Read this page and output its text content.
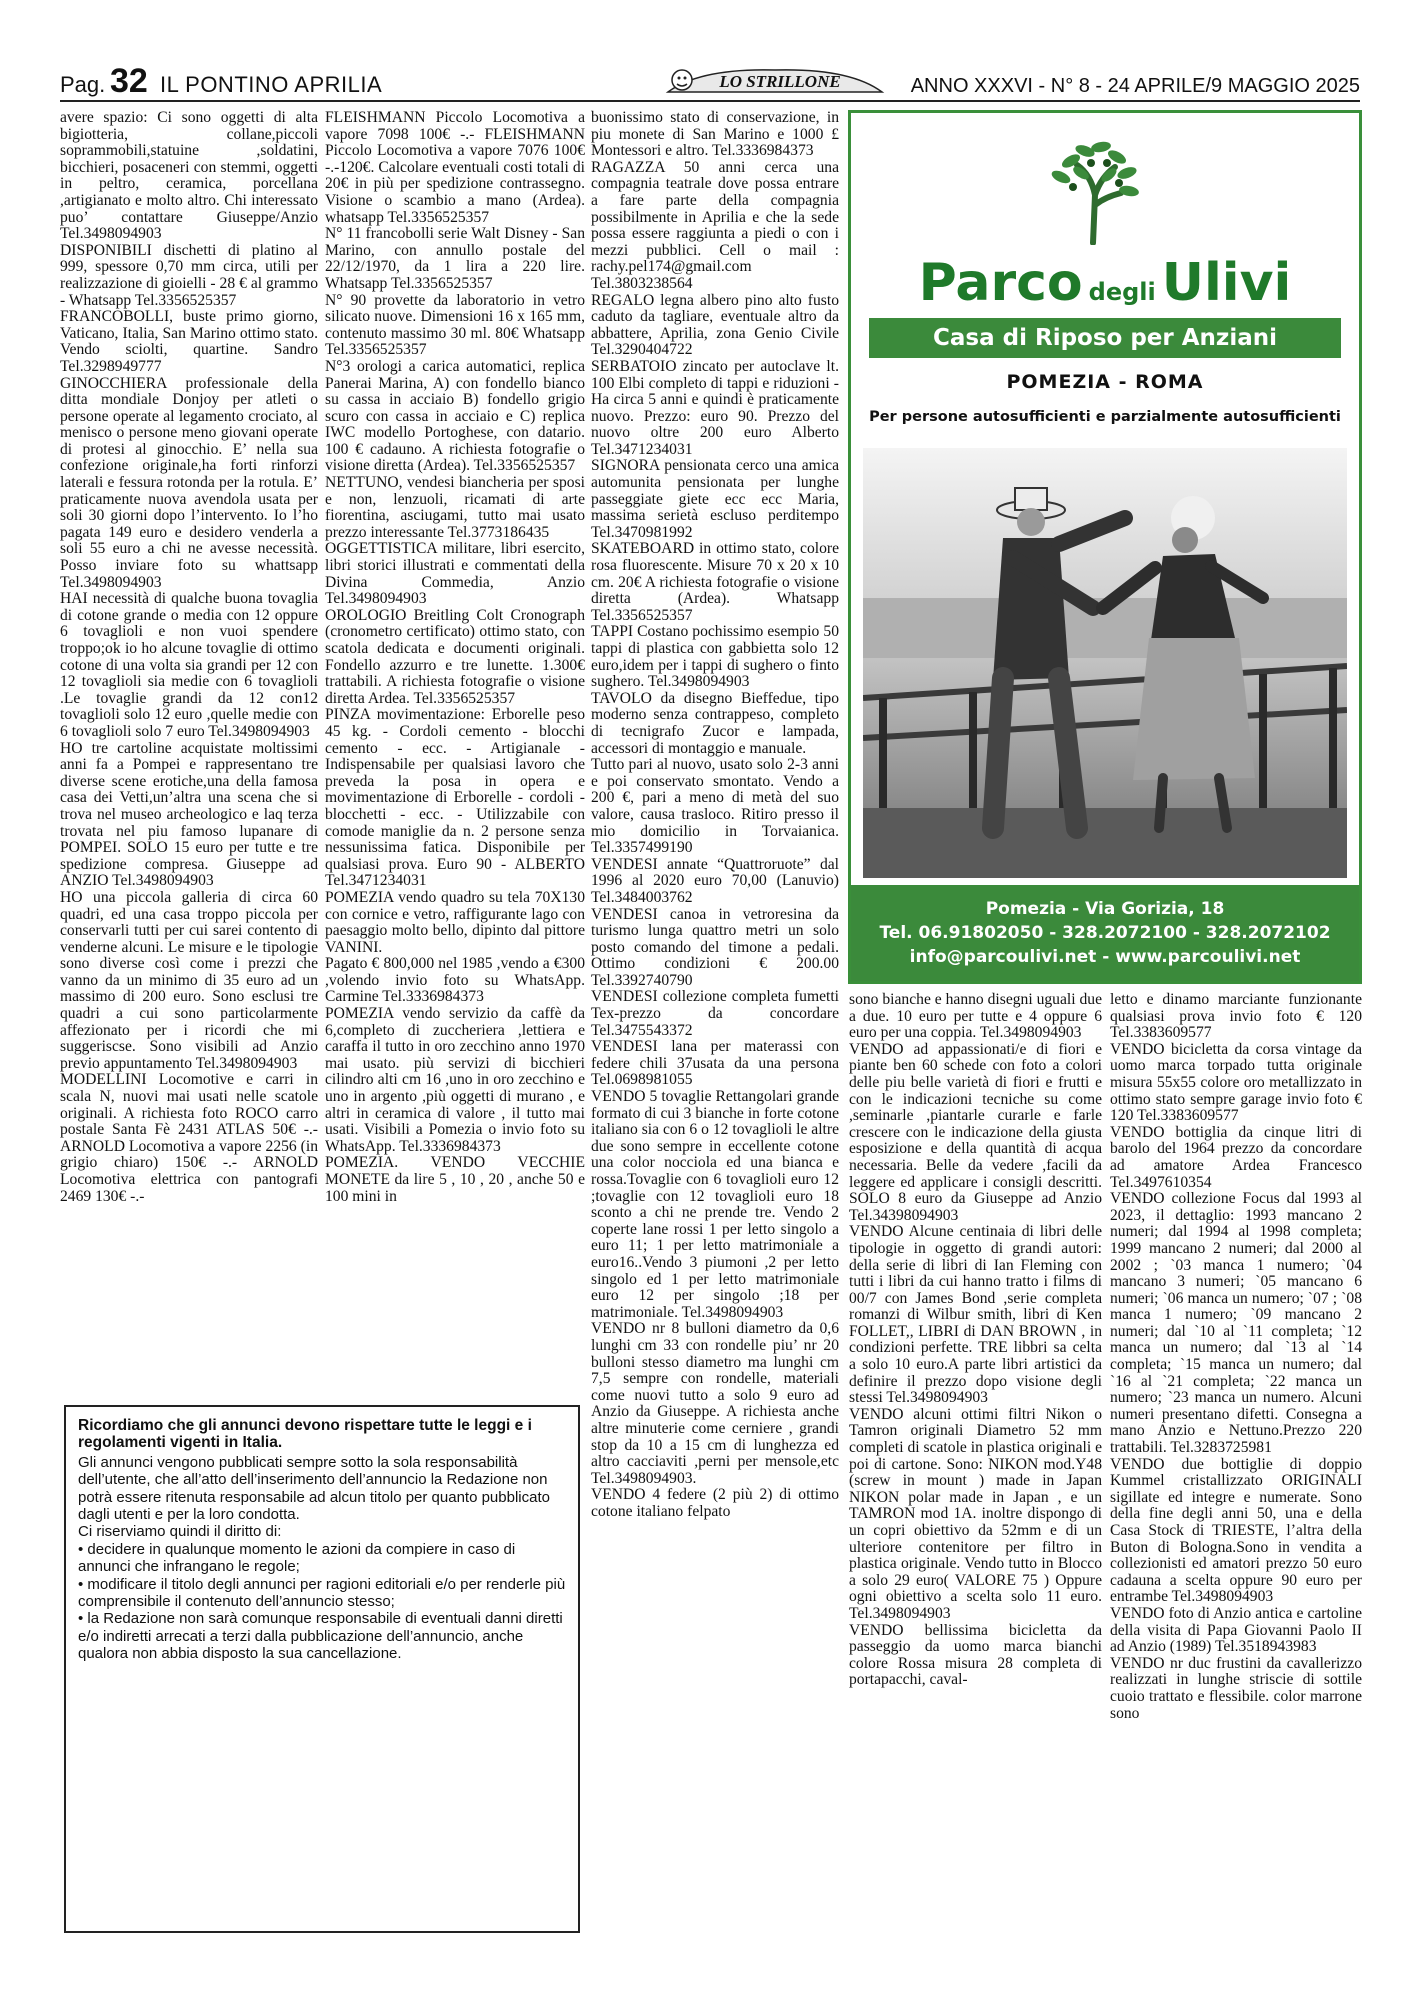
Pag. 32 IL PONTINO APRILIA	LO STRILLONE	ANNO XXXVI - N° 8 - 24 APRILE/9 MAGGIO 2025

avere spazio: Ci sono oggetti di alta bigiotteria, collane,piccoli soprammobili,statuine ,soldatini, bicchieri, posaceneri con stemmi, oggetti in peltro, ceramica, porcellana ,artigianato e molto altro. Chi interessato puo’ contattare Giuseppe/Anzio Tel.3498094903

DISPONIBILI dischetti di platino al 999, spessore 0,70 mm circa, utili per realizzazione di gioielli - 28 € al grammo - Whatsapp Tel.3356525357

FRANCOBOLLI, buste primo giorno, Vaticano, Italia, San Marino ottimo stato. Vendo sciolti, quartine. Sandro Tel.3298949777

GINOCCHIERA professionale della ditta mondiale Donjoy per atleti o persone operate al legamento crociato, al menisco o persone meno giovani operate di protesi al ginocchio. E’ nella sua confezione originale,ha forti rinforzi laterali e fessura rotonda per la rotula. E’ praticamente nuova avendola usata per soli 30 giorni dopo l’intervento. Io l’ho pagata 149 euro e desidero venderla a soli 55 euro a chi ne avesse necessità. Posso inviare foto su whattsapp Tel.3498094903

HAI necessità di qualche buona tovaglia di cotone grande o media con 12 oppure 6 tovaglioli e non vuoi spendere troppo;ok io ho alcune tovaglie di ottimo cotone di una volta sia grandi per 12 con 12 tovaglioli sia medie con 6 tovaglioli .Le tovaglie grandi da 12 con12 tovaglioli solo 12 euro ,quelle medie con 6 tovaglioli solo 7 euro Tel.3498094903

HO tre cartoline acquistate moltissimi anni fa a Pompei e rappresentano tre diverse scene erotiche,una della famosa casa dei Vetti,un’altra una scena che si trova nel museo archeologico e laq terza trovata nel piu famoso lupanare di POMPEI. SOLO 15 euro per tutte e tre spedizione compresa. Giuseppe ad ANZIO Tel.3498094903

HO una piccola galleria di circa 60 quadri, ed una casa troppo piccola per conservarli tutti per cui sarei contento di venderne alcuni. Le misure e le tipologie sono diverse così come i prezzi che vanno da un minimo di 35 euro ad un massimo di 200 euro. Sono esclusi tre quadri a cui sono particolarmente affezionato per i ricordi che mi suggeriscse. Sono visibili ad Anzio previo appuntamento Tel.3498094903

MODELLINI Locomotive e carri in scala N, nuovi mai usati nelle scatole originali. A richiesta foto ROCO carro postale Santa Fè 2431 ATLAS 50€ -.- ARNOLD Locomotiva a vapore 2256 (in grigio chiaro) 150€ -.- ARNOLD Locomotiva elettrica con pantografi 2469 130€ -.-

FLEISHMANN Piccolo Locomotiva a vapore 7098 100€ -.- FLEISHMANN Piccolo Locomotiva a vapore 7076 100€ -.-120€. Calcolare eventuali costi totali di 20€ in più per spedizione contrassegno. Visione o scambio a mano (Ardea). whatsapp Tel.3356525357

N° 11 francobolli serie Walt Disney - San Marino, con annullo postale del 22/12/1970, da 1 lira a 220 lire. Whatsapp Tel.3356525357

N° 90 provette da laboratorio in vetro silicato nuove. Dimensioni 16 x 165 mm, contenuto massimo 30 ml. 80€ Whatsapp Tel.3356525357

N°3 orologi a carica automatici, replica Panerai Marina, A) con fondello bianco su cassa in acciaio B) fondello grigio scuro con cassa in acciaio e C) replica IWC modello Portoghese, con datario. 100 € cadauno. A richiesta fotografie o visione diretta (Ardea). Tel.3356525357

NETTUNO, vendesi biancheria per sposi e non, lenzuoli, ricamati di arte fiorentina, asciugami, tutto mai usato prezzo interessante Tel.3773186435

OGGETTISTICA militare, libri esercito, libri storici illustrati e commentati della Divina Commedia, Anzio Tel.3498094903

OROLOGIO Breitling Colt Cronograph (cronometro certificato) ottimo stato, con scatola dedicata e documenti originali. Fondello azzurro e tre lunette. 1.300€ trattabili. A richiesta fotografie o visione diretta Ardea. Tel.3356525357

PINZA movimentazione: Erborelle peso 45 kg. - Cordoli cemento - blocchi cemento - ecc. - Artigianale - Indispensabile per qualsiasi lavoro che preveda la posa in opera e movimentazione di Erborelle - cordoli -blocchetti - ecc. - Utilizzabile con comode maniglie da n. 2 persone senza nessunissima fatica. Disponibile per qualsiasi prova. Euro 90 - ALBERTO Tel.3471234031

POMEZIA vendo quadro su tela 70X130 con cornice e vetro, raffigurante lago con paesaggio molto bello, dipinto dal pittore VANINI.

Pagato € 800,000 nel 1985 ,vendo a €300 ,volendo invio foto su WhatsApp. Carmine Tel.3336984373

POMEZIA vendo servizio da caffè da 6,completo di zuccheriera ,lettiera e caraffa il tutto in oro zecchino anno 1970 mai usato. più servizi di bicchieri cilindro alti cm 16 ,uno in oro zecchino e uno in argento ,più oggetti di murano , e altri in ceramica di valore , il tutto mai usati. Visibili a Pomezia o invio foto su WhatsApp. Tel.3336984373

POMEZIA. VENDO VECCHIE MONETE da lire 5 , 10 , 20 , anche 50 e 100 mini in

buonissimo stato di conservazione, in piu monete di San Marino e 1000 £ Montessori e altro. Tel.3336984373

RAGAZZA 50 anni cerca una compagnia teatrale dove possa entrare a fare parte della compagnia possibilmente in Aprilia e che la sede possa essere raggiunta a piedi o con i mezzi pubblici. Cell o mail : rachy.pel174@gmail.com Tel.3803238564

REGALO legna albero pino alto fusto caduto da tagliare, eventuale altro da abbattere, Aprilia, zona Genio Civile Tel.3290404722

SERBATOIO zincato per autoclave lt. 100 Elbi completo di tappi e riduzioni - Ha circa 5 anni e quindi è praticamente nuovo. Prezzo: euro 90. Prezzo del nuovo oltre 200 euro Alberto Tel.3471234031

SIGNORA pensionata cerco una amica automunita pensionata per lunghe passeggiate giete ecc ecc Maria, massima serietà escluso perditempo Tel.3470981992

SKATEBOARD in ottimo stato, colore rosa fluorescente. Misure 70 x 20 x 10 cm. 20€ A richiesta fotografie o visione diretta (Ardea). Whatsapp Tel.3356525357

TAPPI Costano pochissimo esempio 50 tappi di plastica con gabbietta solo 12 euro,idem per i tappi di sughero o finto sughero. Tel.3498094903

TAVOLO da disegno Bieffedue, tipo moderno senza contrappeso, completo di tecnigrafo Zucor e lampada, accessori di montaggio e manuale.

Tutto pari al nuovo, usato solo 2-3 anni e poi conservato smontato. Vendo a 200 €, pari a meno di metà del suo valore, causa trasloco. Ritiro presso il mio domicilio in Torvaianica. Tel.3357499190

VENDESI annate “Quattroruote” dal 1996 al 2020 euro 70,00 (Lanuvio) Tel.3484003762

VENDESI canoa in vetroresina da turismo lunga quattro metri un solo posto comando del timone a pedali. Ottimo condizioni € 200.00 Tel.3392740790

VENDESI collezione completa fumetti Tex-prezzo da concordare Tel.3475543372

VENDESI lana per materassi con federe chili 37usata da una persona Tel.0698981055

VENDO 5 tovaglie Rettangolari grande formato di cui 3 bianche in forte cotone italiano sia con 6 o 12 tovaglioli le altre due sono sempre in eccellente cotone una color nocciola ed una bianca e rossa.Tovaglie con 6 tovaglioli euro 12 ;tovaglie con 12 tovaglioli euro 18 sconto a chi ne prende tre. Vendo 2 coperte lane rossi 1 per letto singolo a euro 11; 1 per letto matrimoniale a euro16..Vendo 3 piumoni ,2 per letto singolo ed 1 per letto matrimoniale euro 12 per singolo ;18 per matrimoniale. Tel.3498094903

VENDO nr 8 bulloni diametro da 0,6 lunghi cm 33 con rondelle piu’ nr 20 bulloni stesso diametro ma lunghi cm 7,5 sempre con rondelle, materiali come nuovi tutto a solo 9 euro ad Anzio da Giuseppe. A richiesta anche altre minuterie come cerniere , grandi stop da 10 a 15 cm di lunghezza ed altro cacciaviti ,perni per mensole,etc Tel.3498094903.

VENDO 4 federe (2 più 2) di ottimo cotone italiano felpato

Parco degli Ulivi
Casa di Riposo per Anziani
POMEZIA - ROMA
Per persone autosufficienti e parzialmente autosufficienti
Pomezia - Via Gorizia, 18
Tel. 06.91802050 - 328.2072100 - 328.2072102
info@parcoulivi.net - www.parcoulivi.net

sono bianche e hanno disegni uguali due a due. 10 euro per tutte e 4 oppure 6 euro per una coppia. Tel.3498094903

VENDO ad appassionati/e di fiori e piante ben 60 schede con foto a colori delle piu belle varietà di fiori e frutti e con le indicazioni tecniche su come ,seminarle ,piantarle curarle e farle crescere con le indicazione della giusta esposizione e della quantità di acqua necessaria. Belle da vedere ,facili da leggere ed applicare i consigli descritti. SOLO 8 euro da Giuseppe ad Anzio Tel.34398094903

VENDO Alcune centinaia di libri delle tipologie in oggetto di grandi autori: della serie di libri di Ian Fleming con tutti i libri da cui hanno tratto i films di 00/7 con James Bond ,serie completa romanzi di Wilbur smith, libri di Ken FOLLET,, LIBRI di DAN BROWN , in condizioni perfette. TRE libbri sa celta a solo 10 euro.A parte libri artistici da definire il prezzo dopo visione degli stessi Tel.3498094903

VENDO alcuni ottimi filtri Nikon o Tamron originali Diametro 52 mm completi di scatole in plastica originali e poi di cartone. Sono: NIKON mod.Y48 (screw in mount ) made in Japan NIKON polar made in Japan , e un TAMRON mod 1A. inoltre dispongo di un copri obiettivo da 52mm e di un ulteriore contenitore per filtro in plastica originale. Vendo tutto in Blocco a solo 29 euro( VALORE 75 ) Oppure ogni obiettivo a scelta solo 11 euro. Tel.3498094903

VENDO bellissima bicicletta da passeggio da uomo marca bianchi colore Rossa misura 28 completa di portapacchi, caval-

letto e dinamo marciante funzionante qualsiasi prova invio foto € 120 Tel.3383609577

VENDO bicicletta da corsa vintage da uomo marca torpado tutta originale misura 55x55 colore oro metallizzato in ottimo stato sempre garage invio foto € 120 Tel.3383609577

VENDO bottiglia da cinque litri di barolo del 1964 prezzo da concordare ad amatore Ardea Francesco Tel.3497610354

VENDO collezione Focus dal 1993 al 2023, il dettaglio: 1993 mancano 2 numeri; dal 1994 al 1998 completa; 1999 mancano 2 numeri; dal 2000 al 2002 ; `03 manca 1 numero; `04 mancano 3 numeri; `05 mancano 6 numeri; `06 manca un numero; `07 ; `08 manca 1 numero; `09 mancano 2 numeri; dal `10 al `11 completa; `12 manca un numero; dal `13 al `14 completa; `15 manca un numero; dal `16 al `21 completa; `22 manca un numero; `23 manca un numero. Alcuni numeri presentano difetti. Consegna a mano Anzio e Nettuno.Prezzo 220 trattabili. Tel.3283725981

VENDO due bottiglie di doppio Kummel cristallizzato ORIGINALI sigillate ed integre e numerate. Sono della fine degli anni 50, una e della Casa Stock di TRIESTE, l’altra della Buton di Bologna.Sono in vendita a collezionisti ed amatori prezzo 50 euro cadauna a scelta oppure 90 euro per entrambe Tel.3498094903

VENDO foto di Anzio antica e cartoline della visita di Papa Giovanni Paolo II ad Anzio (1989) Tel.3518943983

VENDO nr duc frustini da cavallerizzo realizzati in lunghe striscie di sottile cuoio trattato e flessibile. color marrone sono

Ricordiamo che gli annunci devono rispettare tutte le leggi e i regolamenti vigenti in Italia.

Gli annunci vengono pubblicati sempre sotto la sola responsabilità dell’utente, che all’atto dell’inserimento dell’annuncio la Redazione non potrà essere ritenuta responsabile ad alcun titolo per quanto pubblicato dagli utenti e per la loro condotta.

Ci riserviamo quindi il diritto di:

• decidere in qualunque momento le azioni da compiere in caso di annunci che infrangano le regole;

• modificare il titolo degli annunci per ragioni editoriali e/o per renderle più comprensibile il contenuto dell’annuncio stesso;

• la Redazione non sarà comunque responsabile di eventuali danni diretti e/o indiretti arrecati a terzi dalla pubblicazione dell’annuncio, anche qualora non abbia disposto la sua cancellazione.
